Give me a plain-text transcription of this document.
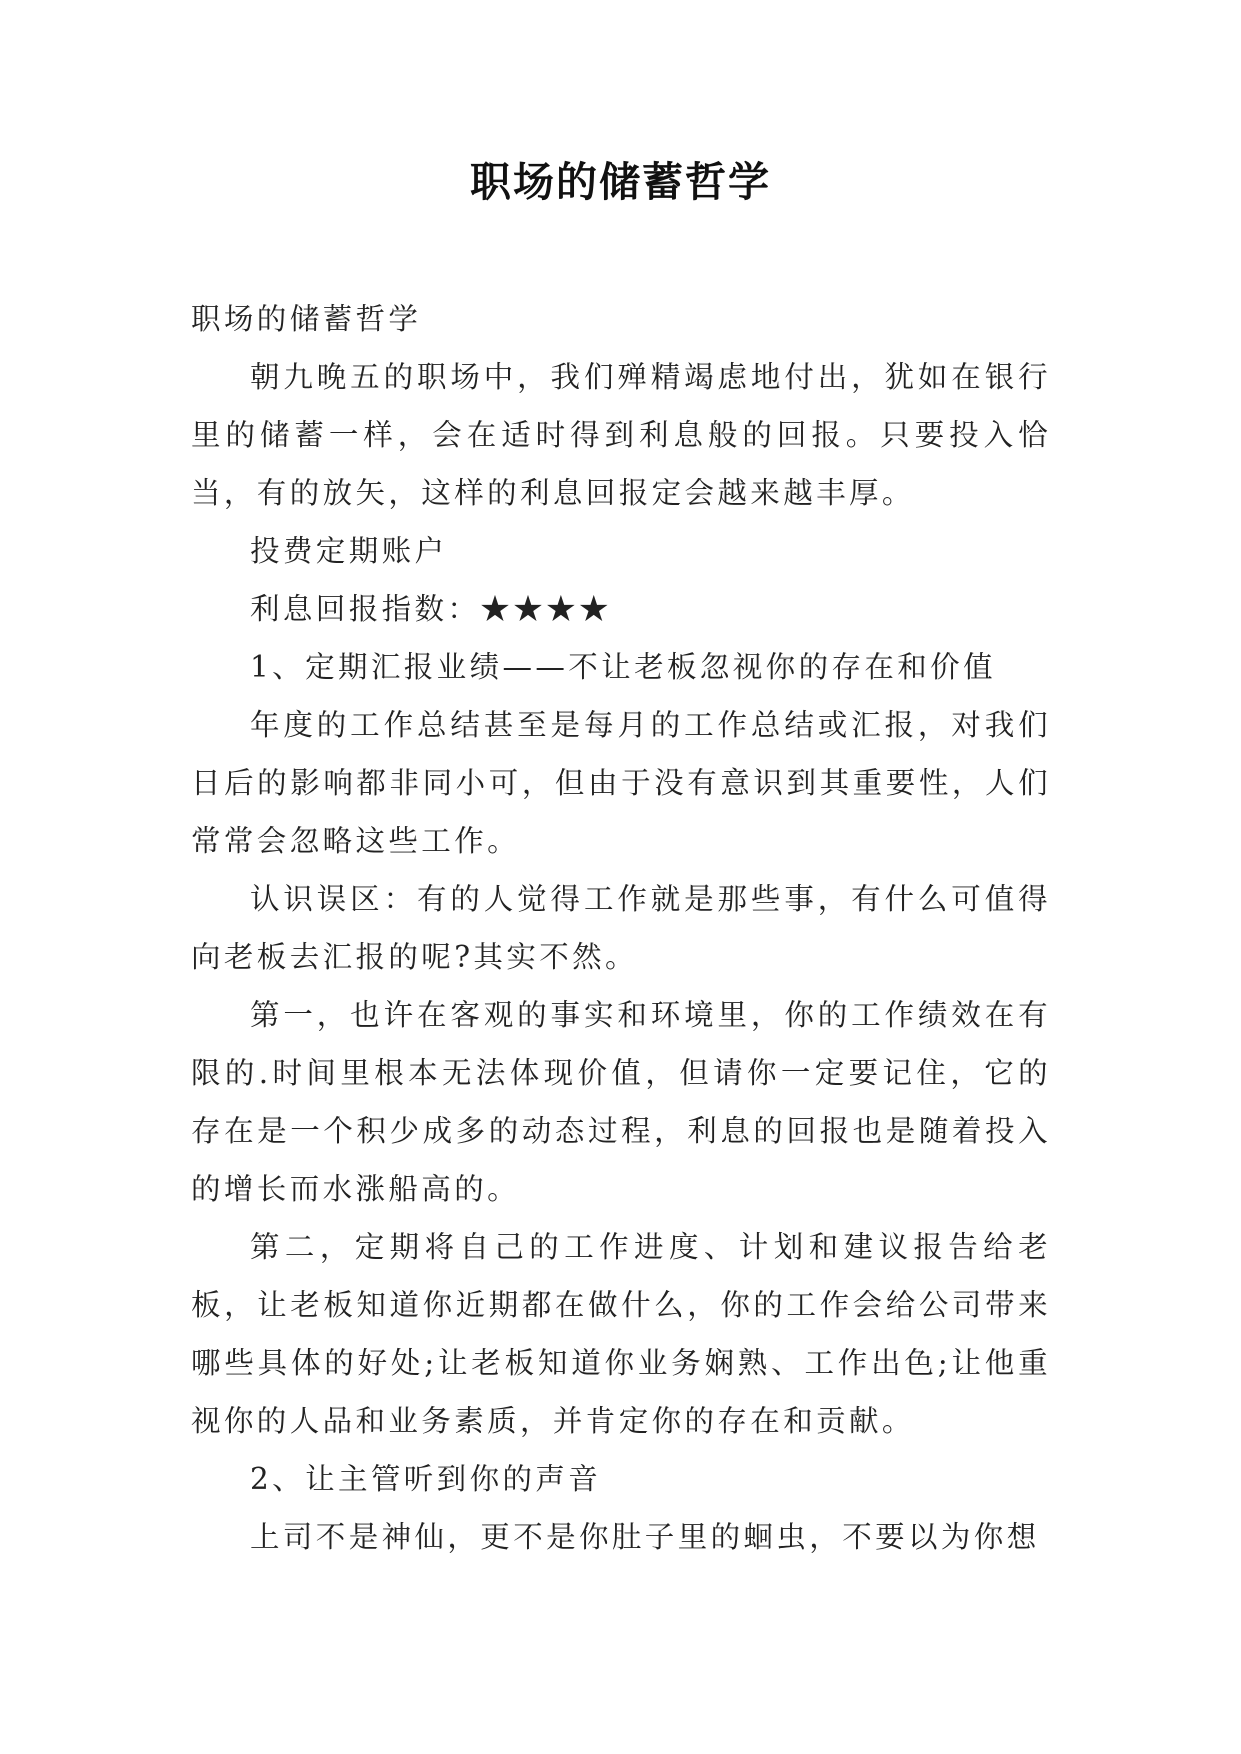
职场的储蓄哲学

职场的储蓄哲学

朝九晚五的职场中，我们殚精竭虑地付出，犹如在银行里的储蓄一样，会在适时得到利息般的回报。只要投入恰当，有的放矢，这样的利息回报定会越来越丰厚。

投费定期账户

利息回报指数：★★★★

1、定期汇报业绩——不让老板忽视你的存在和价值

年度的工作总结甚至是每月的工作总结或汇报，对我们日后的影响都非同小可，但由于没有意识到其重要性，人们常常会忽略这些工作。

认识误区：有的人觉得工作就是那些事，有什么可值得向老板去汇报的呢?其实不然。

第一，也许在客观的事实和环境里，你的工作绩效在有限的.时间里根本无法体现价值，但请你一定要记住，它的存在是一个积少成多的动态过程，利息的回报也是随着投入的增长而水涨船高的。

第二，定期将自己的工作进度、计划和建议报告给老板，让老板知道你近期都在做什么，你的工作会给公司带来哪些具体的好处;让老板知道你业务娴熟、工作出色;让他重视你的人品和业务素质，并肯定你的存在和贡献。

2、让主管听到你的声音

上司不是神仙，更不是你肚子里的蛔虫，不要以为你想
